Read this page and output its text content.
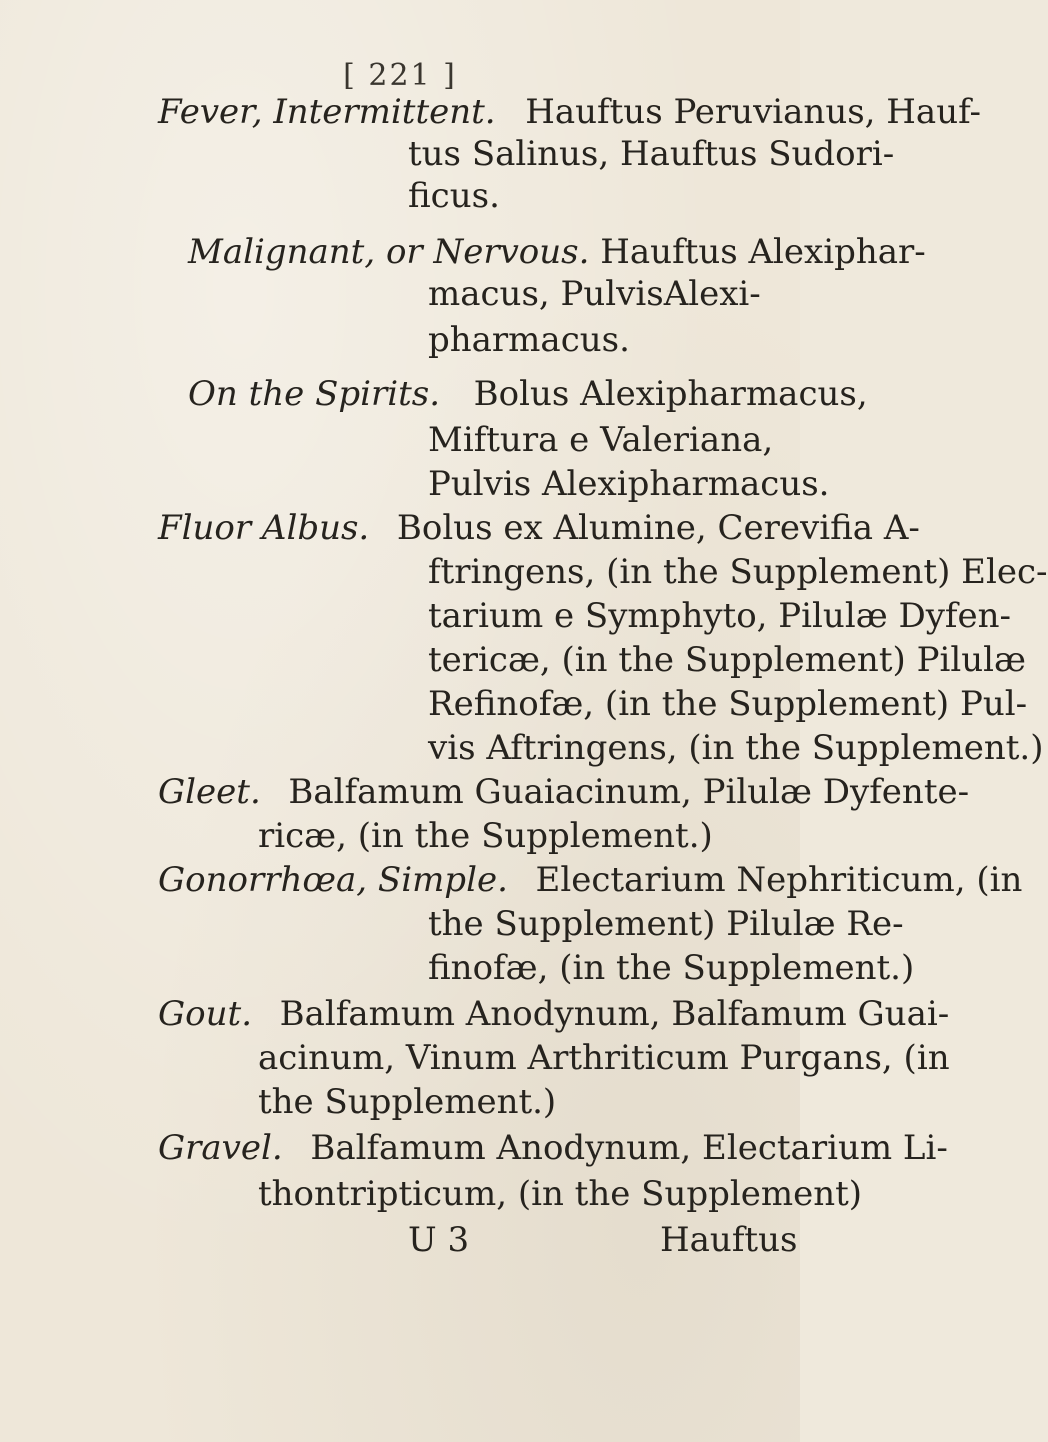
[ 221 ]
Fever, Intermittent. Hauftus Peruvianus, Hauf-
tus Salinus, Hauftus Sudori-
ficus.
Malignant, or Nervous. Hauftus Alexiphar-
macus, PulvisAlexi-
pharmacus.
On the Spirits. Bolus Alexipharmacus,
Miftura e Valeriana,
Pulvis Alexipharmacus.
Fluor Albus. Bolus ex Alumine, Cerevifia A-
ftringens, (in the Supplement) Elec-
tarium e Symphyto, Pilulæ Dyfen-
tericæ, (in the Supplement) Pilulæ
Refinofæ, (in the Supplement) Pul-
vis Aftringens, (in the Supplement.)
Gleet. Balfamum Guaiacinum, Pilulæ Dyfente-
ricæ, (in the Supplement.)
Gonorrhœa, Simple. Electarium Nephriticum, (in
the Supplement) Pilulæ Re-
finofæ, (in the Supplement.)
Gout. Balfamum Anodynum, Balfamum Guai-
acinum, Vinum Arthriticum Purgans, (in
the Supplement.)
Gravel. Balfamum Anodynum, Electarium Li-
thontripticum, (in the Supplement)
U 3	Hauftus
